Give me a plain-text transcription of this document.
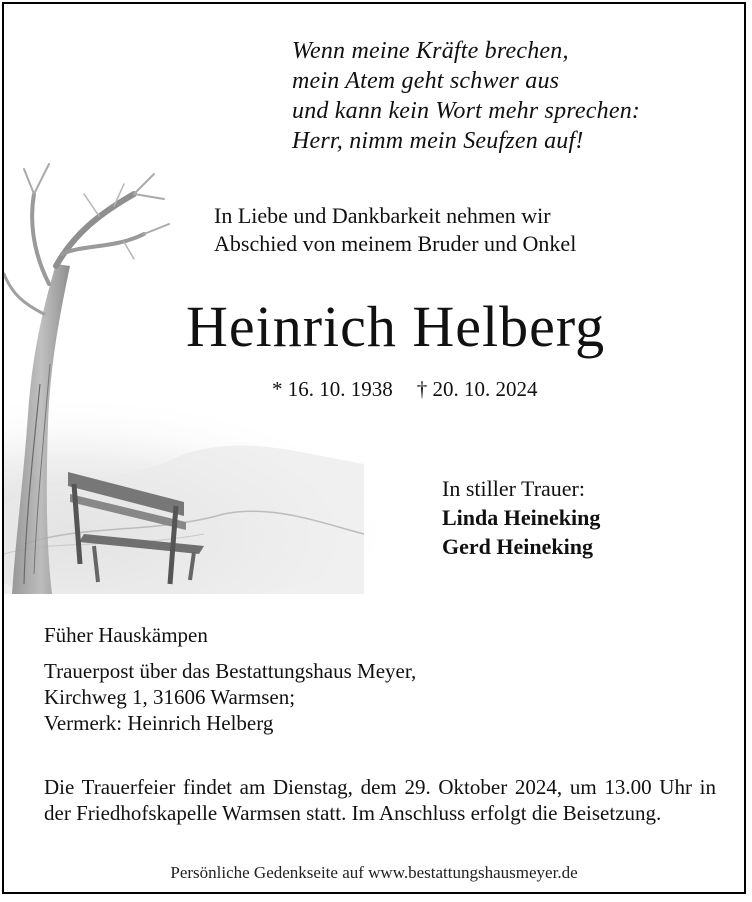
Wenn meine Kräfte brechen,
mein Atem geht schwer aus
und kann kein Wort mehr sprechen:
Herr, nimm mein Seufzen auf!
In Liebe und Dankbarkeit nehmen wir
Abschied von meinem Bruder und Onkel
Heinrich Helberg
* 16. 10. 1938 † 20. 10. 2024
In stiller Trauer:
Linda Heineking
Gerd Heineking
Füher Hauskämpen
Trauerpost über das Bestattungshaus Meyer,
Kirchweg 1, 31606 Warmsen;
Vermerk: Heinrich Helberg
Die Trauerfeier findet am Dienstag, dem 29. Oktober 2024, um 13.00 Uhr in der Friedhofskapelle Warmsen statt. Im Anschluss erfolgt die Beisetzung.
Persönliche Gedenkseite auf www.bestattungshausmeyer.de
